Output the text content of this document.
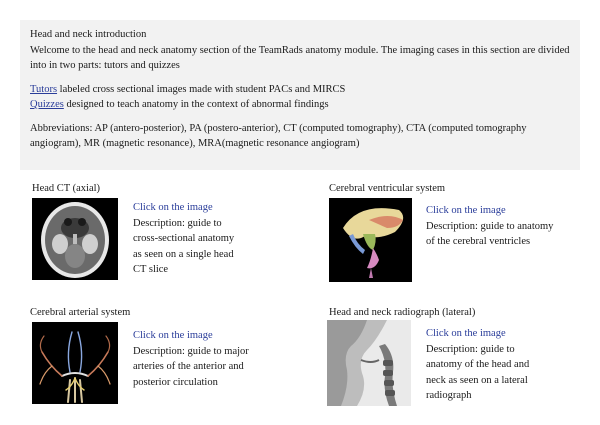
Head and neck introduction

Welcome to the head and neck anatomy section of the TeamRads anatomy module. The imaging cases in this section are divided into in two parts: tutors and quizzes

Tutors labeled cross sectional images made with student PACs and MIRCS

Quizzes designed to teach anatomy in the context of abnormal findings

Abbreviations: AP (antero-posterior), PA (postero-anterior), CT (computed tomography), CTA (computed tomography angiogram), MR (magnetic resonance), MRA(magnetic resonance angiogram)

Head CT (axial)
Click on the image
Description: guide to cross-sectional anatomy as seen on a single head CT slice
Cerebral ventricular system
Click on the image
Description: guide to anatomy of the cerebral ventricles
Cerebral arterial system
Click on the image
Description: guide to major arteries of the anterior and posterior circulation
Head and neck radiograph (lateral)
Click on the image
Description: guide to anatomy of the head and neck as seen on a lateral radiograph
